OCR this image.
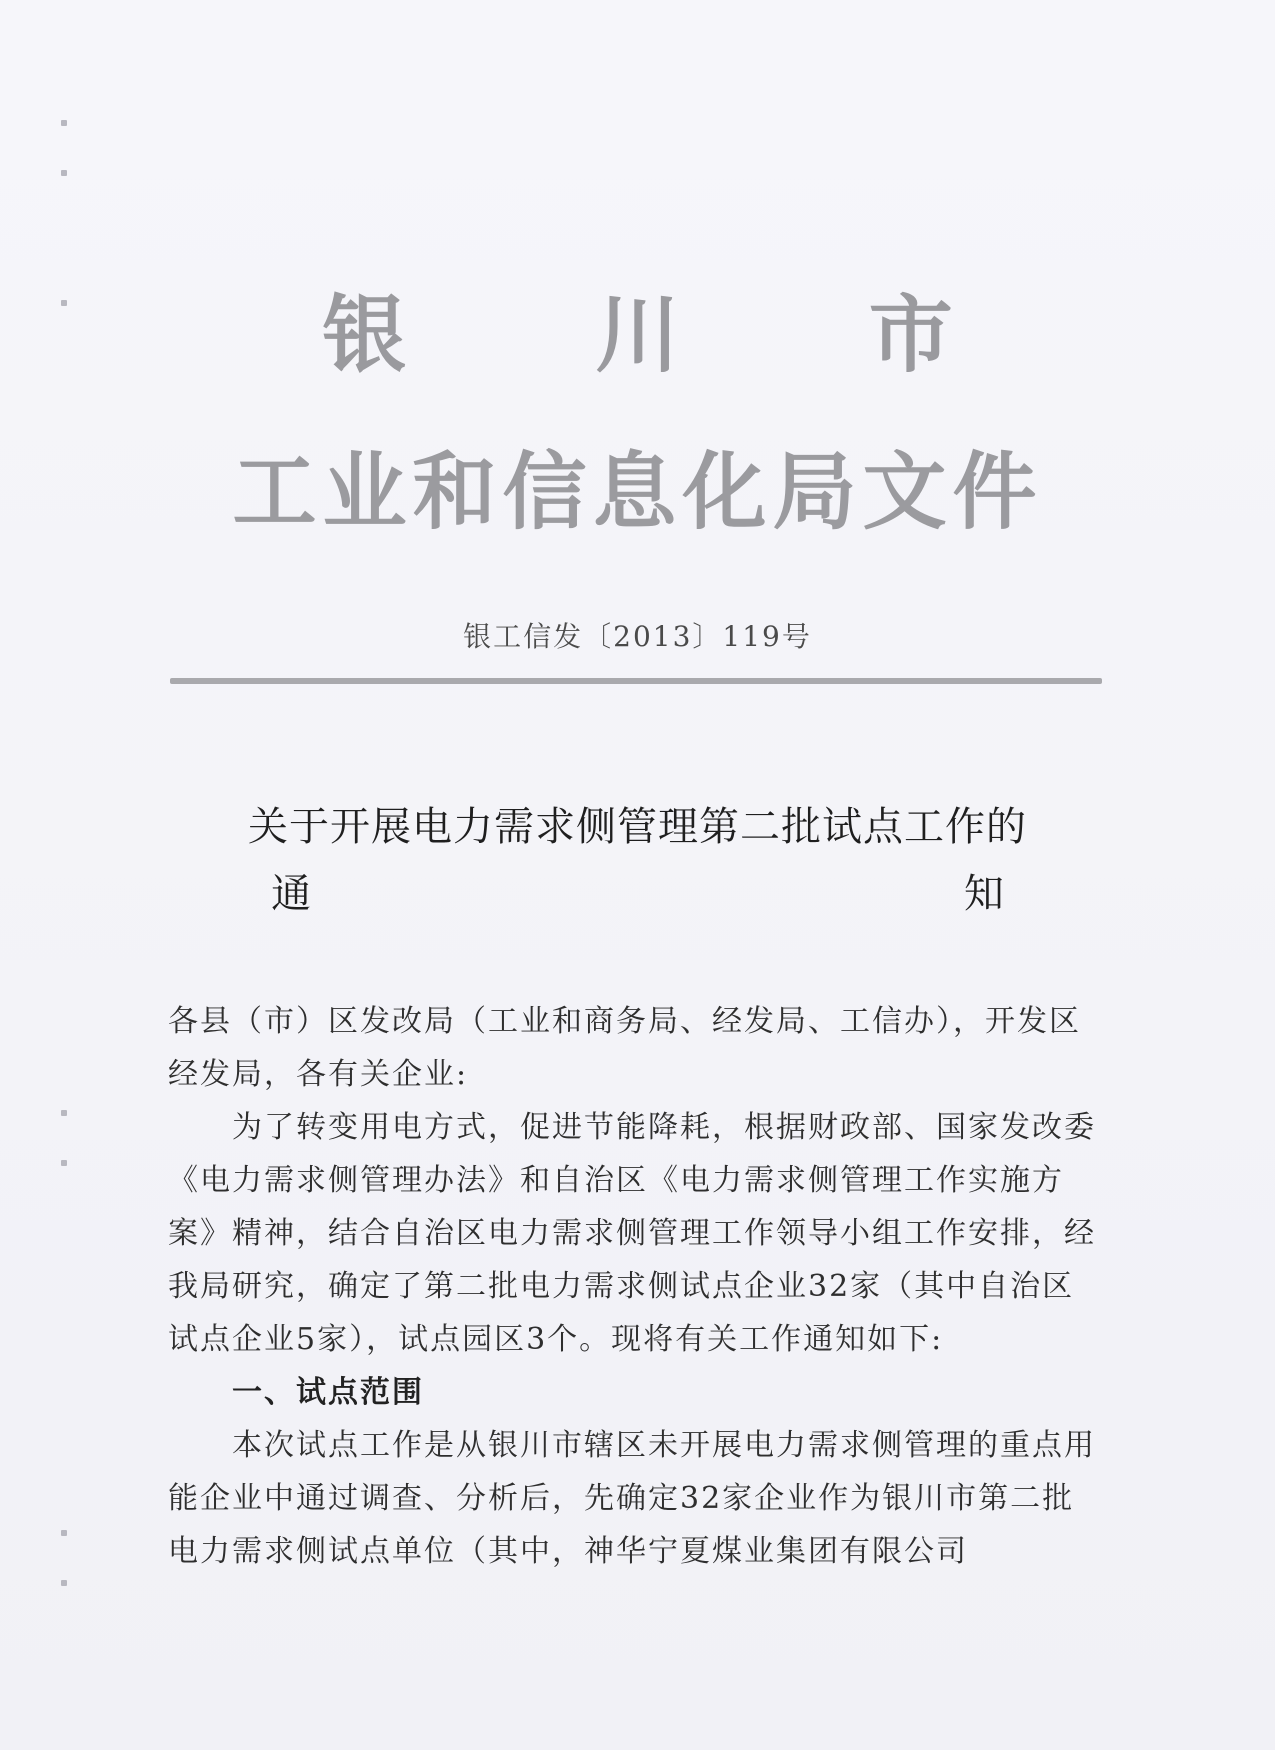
银 川 市
工业和信息化局文件
银工信发〔2013〕119号
关于开展电力需求侧管理第二批试点工作的
通 知

各县（市）区发改局（工业和商务局、经发局、工信办），开发区经发局，各有关企业:

为了转变用电方式，促进节能降耗，根据财政部、国家发改委《电力需求侧管理办法》和自治区《电力需求侧管理工作实施方案》精神，结合自治区电力需求侧管理工作领导小组工作安排，经我局研究，确定了第二批电力需求侧试点企业32家（其中自治区试点企业5家），试点园区3个。现将有关工作通知如下:

一、试点范围

本次试点工作是从银川市辖区未开展电力需求侧管理的重点用能企业中通过调查、分析后，先确定32家企业作为银川市第二批电力需求侧试点单位（其中，神华宁夏煤业集团有限公司
